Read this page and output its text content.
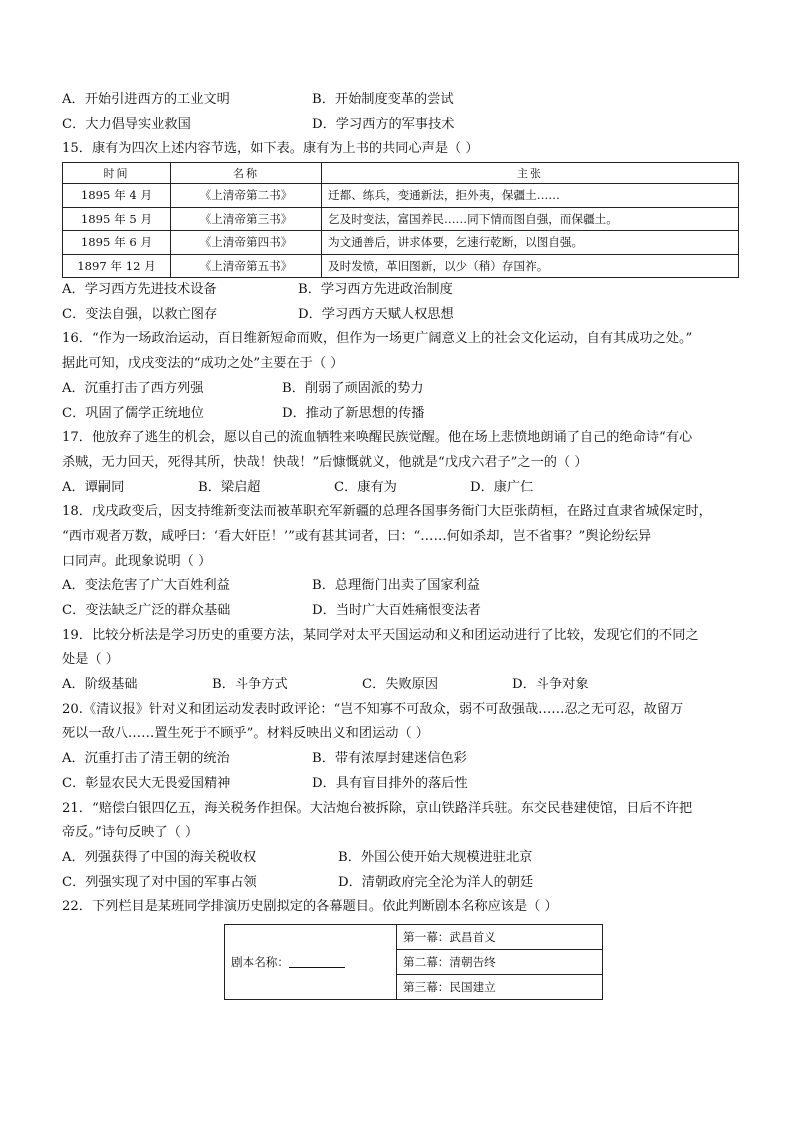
A．开始引进西方的工业文明	B．开始制度变革的尝试
C．大力倡导实业救国	D．学习西方的军事技术
15．康有为四次上述内容节选，如下表。康有为上书的共同心声是（ ）
时间	名称	主张
1895 年 4 月	《上清帝第二书》	迁都、练兵，变通新法，拒外夷，保疆土……
1895 年 5 月	《上清帝第三书》	乞及时变法，富国养民……同下情而图自强，而保疆土。
1895 年 6 月	《上清帝第四书》	为文通善后，讲求体要，乞速行乾断，以图自强。
1897 年 12 月	《上清帝第五书》	及时发愤，革旧图新，以少（稍）存国祚。
A．学习西方先进技术设备	B．学习西方先进政治制度
C．变法自强，以救亡图存	D．学习西方天赋人权思想
16．“作为一场政治运动，百日维新短命而败，但作为一场更广阔意义上的社会文化运动，自有其成功之处。”
据此可知，戊戌变法的“成功之处”主要在于（ ）
A．沉重打击了西方列强	B．削弱了顽固派的势力
C．巩固了儒学正统地位	D．推动了新思想的传播
17．他放弃了逃生的机会，愿以自己的流血牺牲来唤醒民族觉醒。他在场上悲愤地朗诵了自己的绝命诗“有心
杀贼，无力回天，死得其所，快哉！快哉！”后慷慨就义，他就是“戊戌六君子”之一的（ ）
A．谭嗣同	B．梁启超	C．康有为	D．康广仁
18．戊戌政变后，因支持维新变法而被革职充军新疆的总理各国事务衙门大臣张荫桓，在路过直隶省城保定时，
“西市观者万数，咸呼曰：‘看大奸臣！’”或有甚其词者，曰：“……何如杀却，岂不省事？”舆论纷纭异
口同声。此现象说明（ ）
A．变法危害了广大百姓利益	B．总理衙门出卖了国家利益
C．变法缺乏广泛的群众基础	D．当时广大百姓痛恨变法者
19．比较分析法是学习历史的重要方法，某同学对太平天国运动和义和团运动进行了比较，发现它们的不同之
处是（ ）
A．阶级基础	B．斗争方式	C．失败原因	D．斗争对象
20.《清议报》针对义和团运动发表时政评论：“岂不知寡不可敌众，弱不可敌强哉……忍之无可忍，故留万
死以一敌八……置生死于不顾乎”。材料反映出义和团运动（ ）
A．沉重打击了清王朝的统治	B．带有浓厚封建迷信色彩
C．彰显农民大无畏爱国精神	D．具有盲目排外的落后性
21．“赔偿白银四亿五，海关税务作担保。大沽炮台被拆除，京山铁路洋兵驻。东交民巷建使馆，日后不许把
帝反。”诗句反映了（ ）
A．列强获得了中国的海关税收权	B．外国公使开始大规模进驻北京
C．列强实现了对中国的军事占领	D．清朝政府完全沦为洋人的朝廷
22．下列栏目是某班同学排演历史剧拟定的各幕题目。依此判断剧本名称应该是（ ）
剧本名称：	第一幕：武昌首义
第二幕：清朝告终
第三幕：民国建立
